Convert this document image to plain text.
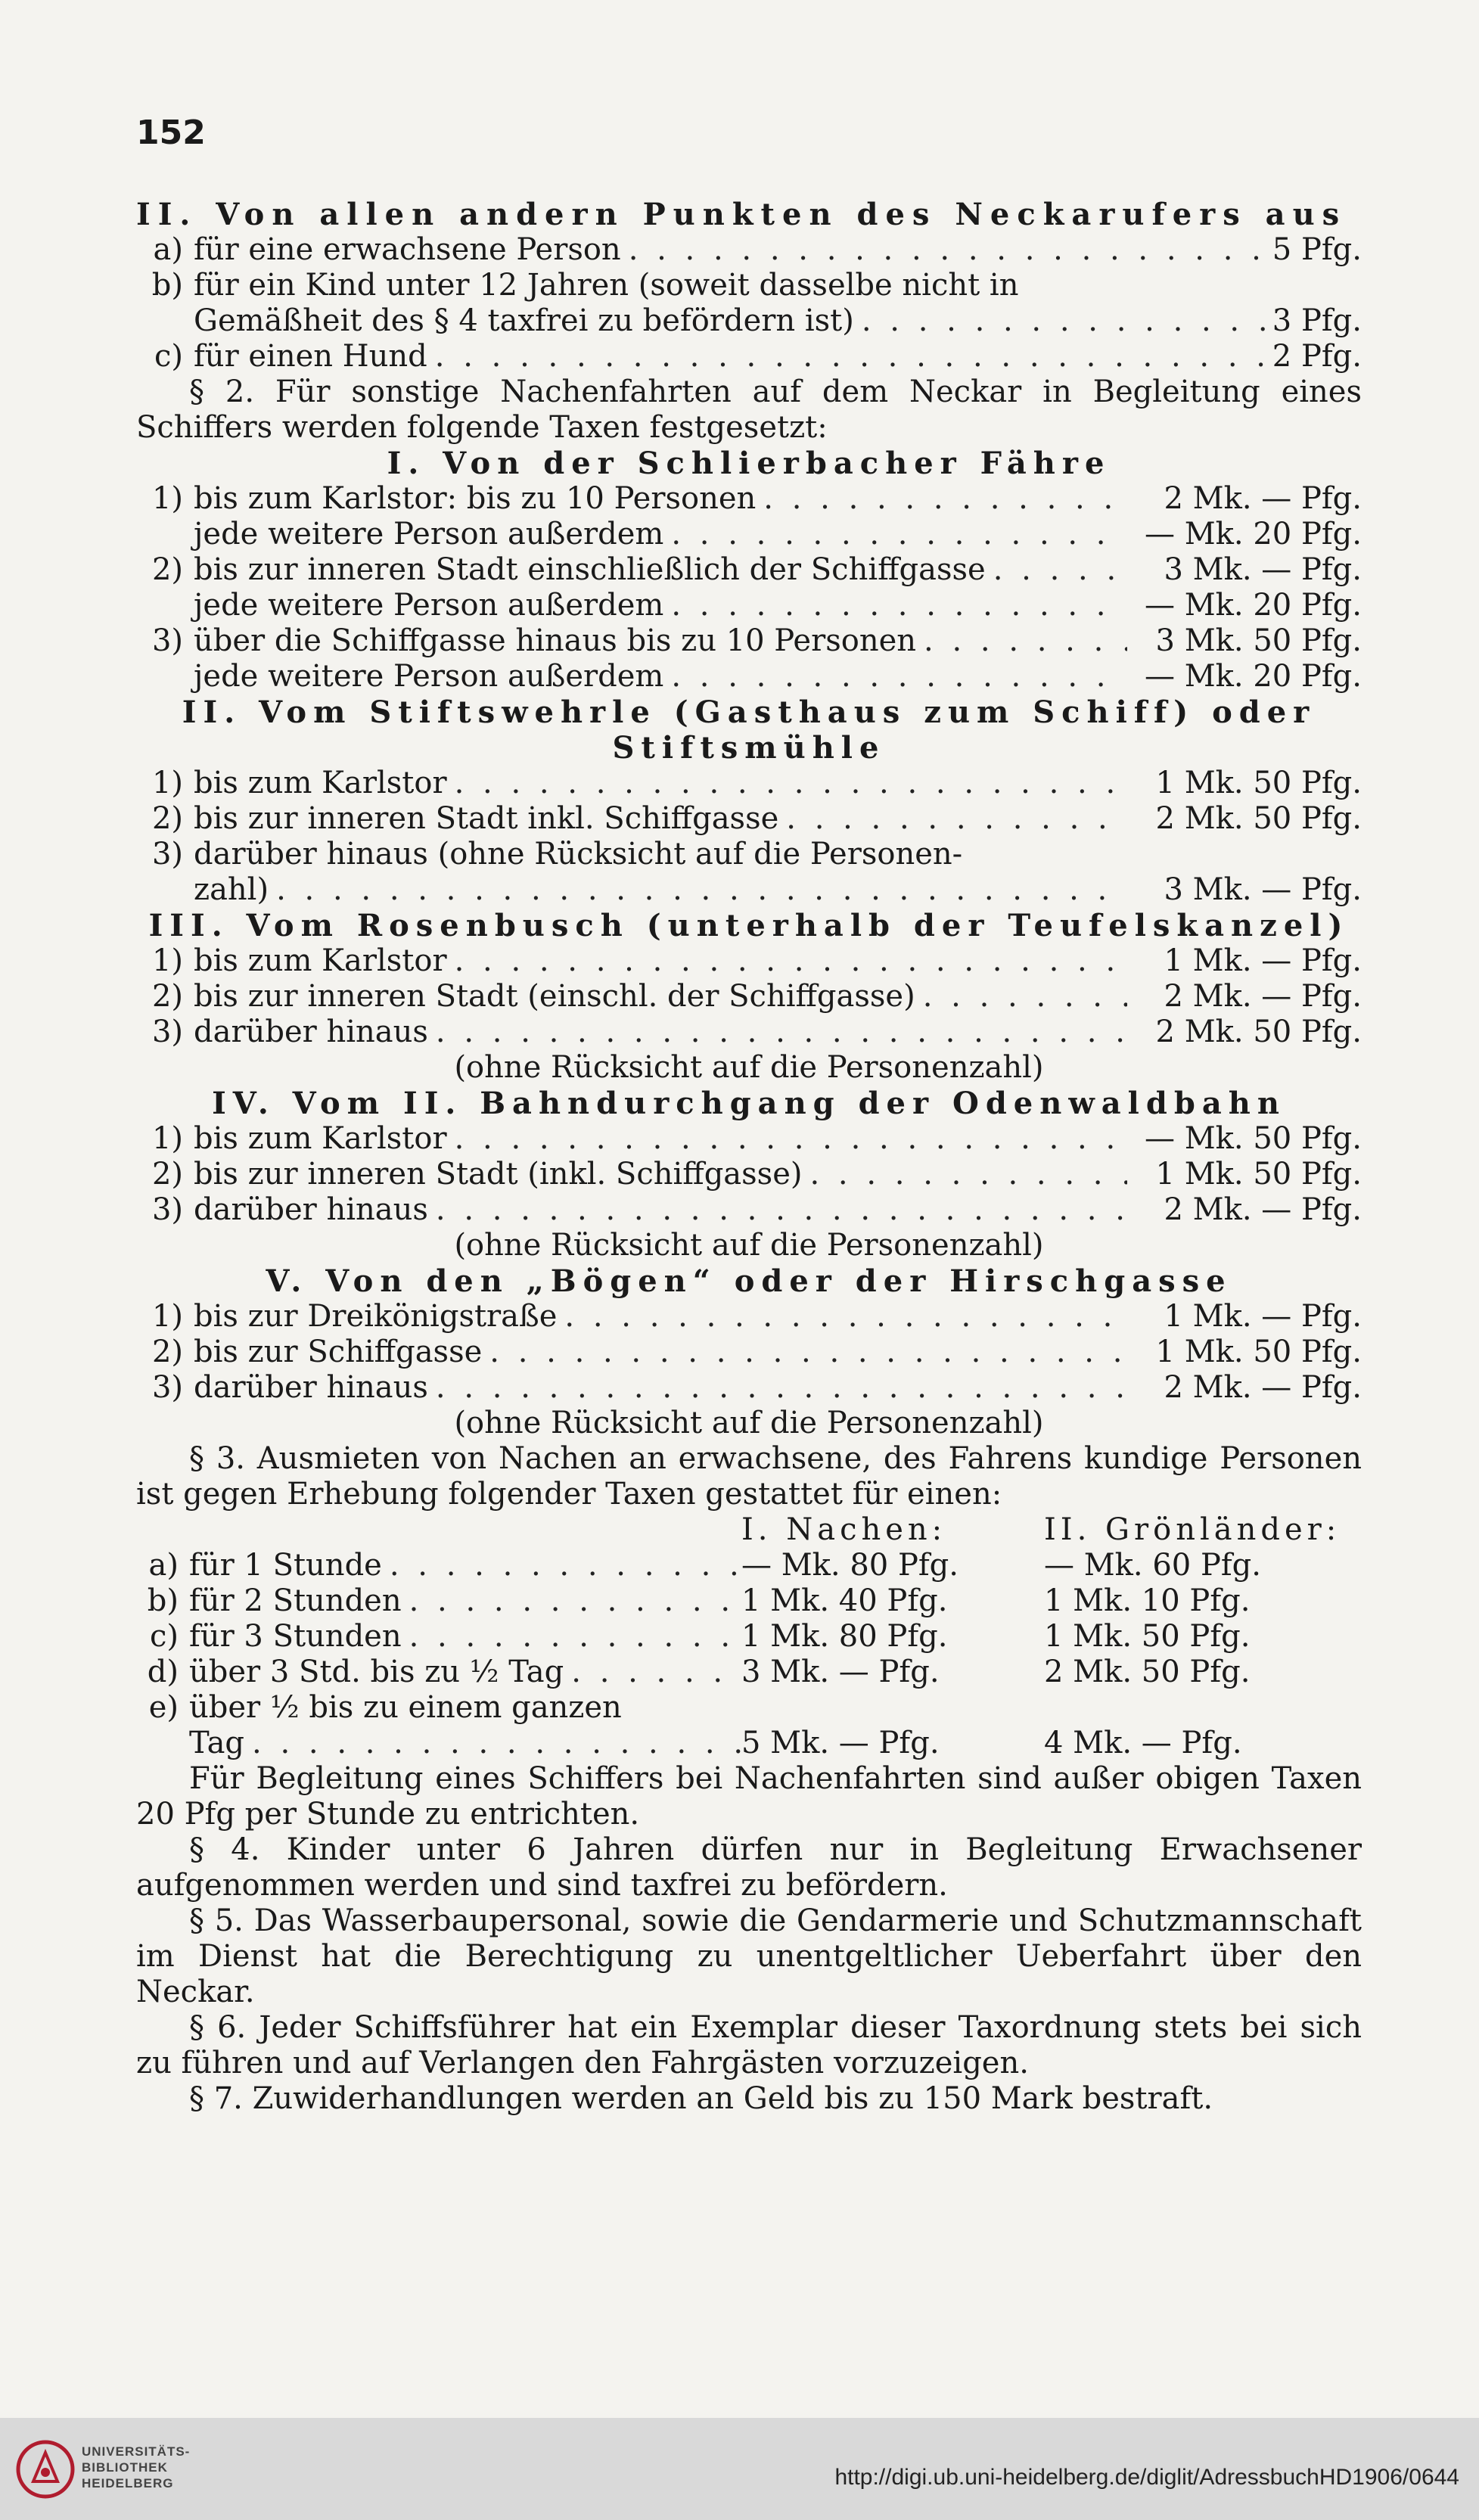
152
II. Von allen andern Punkten des Neckarufers aus
a) für eine erwachsene Person . . .	5 Pfg.
b) für ein Kind unter 12 Jahren (soweit dasselbe nicht in
Gemäßheit des § 4 taxfrei zu befördern ist) . . .	3 Pfg.
c) für einen Hund . . .	2 Pfg.
§ 2. Für sonstige Nachenfahrten auf dem Neckar in Begleitung eines Schiffers werden folgende Taxen festgesetzt:
I. Von der Schlierbacher Fähre
1) bis zum Karlstor: bis zu 10 Personen . . .	2 Mk. — Pfg.
jede weitere Person außerdem . . .	— Mk. 20 Pfg.
2) bis zur inneren Stadt einschließlich der Schiffgasse . . .	3 Mk. — Pfg.
jede weitere Person außerdem . . .	— Mk. 20 Pfg.
3) über die Schiffgasse hinaus bis zu 10 Personen . . .	3 Mk. 50 Pfg.
jede weitere Person außerdem . . .	— Mk. 20 Pfg.
II. Vom Stiftswehrle (Gasthaus zum Schiff) oder
Stiftsmühle
1) bis zum Karlstor . . .	1 Mk. 50 Pfg.
2) bis zur inneren Stadt inkl. Schiffgasse . . .	2 Mk. 50 Pfg.
3) darüber hinaus (ohne Rücksicht auf die Personen-
zahl) . . .	3 Mk. — Pfg.
III. Vom Rosenbusch (unterhalb der Teufelskanzel)
1) bis zum Karlstor . . .	1 Mk. — Pfg.
2) bis zur inneren Stadt (einschl. der Schiffgasse) . . .	2 Mk. — Pfg.
3) darüber hinaus . . .	2 Mk. 50 Pfg.
(ohne Rücksicht auf die Personenzahl)
IV. Vom II. Bahndurchgang der Odenwaldbahn
1) bis zum Karlstor . . .	— Mk. 50 Pfg.
2) bis zur inneren Stadt (inkl. Schiffgasse) . . .	1 Mk. 50 Pfg.
3) darüber hinaus . . .	2 Mk. — Pfg.
(ohne Rücksicht auf die Personenzahl)
V. Von den „Bögen“ oder der Hirschgasse
1) bis zur Dreikönigstraße . . .	1 Mk. — Pfg.
2) bis zur Schiffgasse . . .	1 Mk. 50 Pfg.
3) darüber hinaus . . .	2 Mk. — Pfg.
(ohne Rücksicht auf die Personenzahl)
§ 3. Ausmieten von Nachen an erwachsene, des Fahrens kundige Personen ist gegen Erhebung folgender Taxen gestattet für einen:
I. Nachen:	II. Grönländer:
a) für 1 Stunde . . .	— Mk. 80 Pfg.	— Mk. 60 Pfg.
b) für 2 Stunden . . .	1 Mk. 40 Pfg.	1 Mk. 10 Pfg.
c) für 3 Stunden . . .	1 Mk. 80 Pfg.	1 Mk. 50 Pfg.
d) über 3 Std. bis zu ½ Tag . . .	3 Mk. — Pfg.	2 Mk. 50 Pfg.
e) über ½ bis zu einem ganzen
Tag . . .	5 Mk. — Pfg.	4 Mk. — Pfg.
Für Begleitung eines Schiffers bei Nachenfahrten sind außer obigen Taxen 20 Pfg per Stunde zu entrichten.
§ 4. Kinder unter 6 Jahren dürfen nur in Begleitung Erwachsener aufgenommen werden und sind taxfrei zu befördern.
§ 5. Das Wasserbaupersonal, sowie die Gendarmerie und Schutzmannschaft im Dienst hat die Berechtigung zu unentgeltlicher Ueberfahrt über den Neckar.
§ 6. Jeder Schiffsführer hat ein Exemplar dieser Taxordnung stets bei sich zu führen und auf Verlangen den Fahrgästen vorzuzeigen.
§ 7. Zuwiderhandlungen werden an Geld bis zu 150 Mark bestraft.
UNIVERSITÄTS-
BIBLIOTHEK
HEIDELBERG	http://digi.ub.uni-heidelberg.de/diglit/AdressbuchHD1906/0644
